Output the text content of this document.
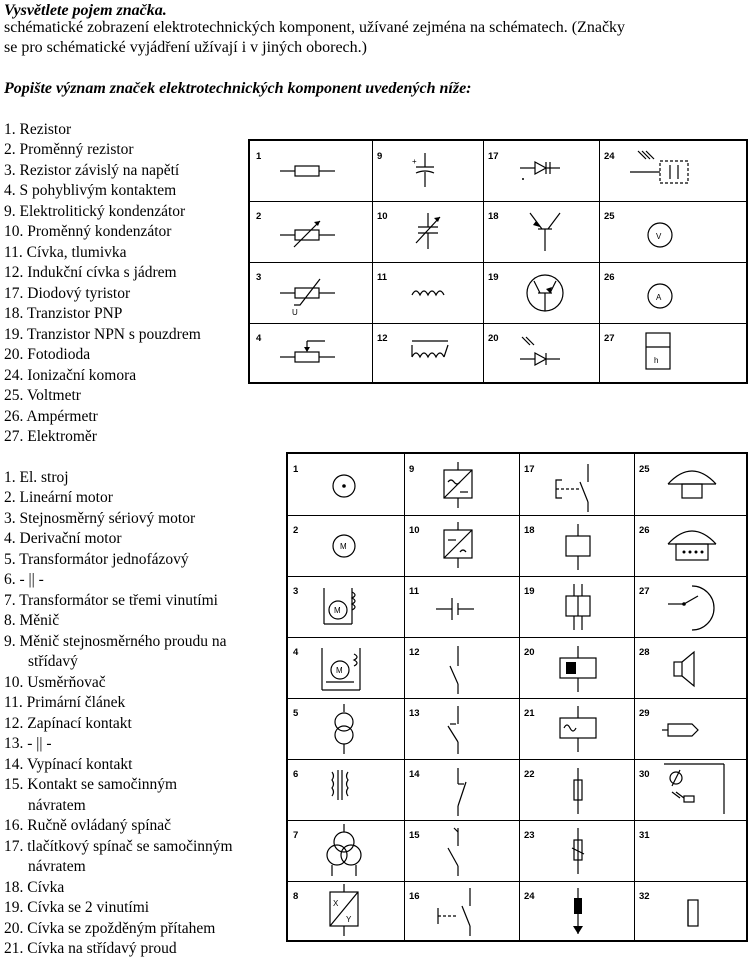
Vysvětlete pojem značka.
schématické zobrazení elektrotechnických komponent, užívané zejména na schématech. (Značky
se pro schématické vyjádření užívají i v jiných oborech.)
Popište význam značek elektrotechnických komponent uvedených níže:
1. Rezistor
2. Proměnný rezistor
3. Rezistor závislý na napětí
4. S pohyblivým kontaktem
9. Elektrolitický kondenzátor
10. Proměnný kondenzátor
11. Cívka, tlumivka
12. Indukční cívka s jádrem
17. Diodový tyristor
18. Tranzistor PNP
19. Tranzistor NPN s pouzdrem
20. Fotodioda
24. Ionizační komora
25. Voltmetr
26. Ampérmetr
27. Elektroměr
1. El. stroj
2. Lineární motor
3. Stejnosměrný sériový motor
4. Derivační motor
5. Transformátor jednofázový
6. - || -
7. Transformátor se třemi vinutími
8. Měnič
9. Měnič stejnosměrného proudu na
střídavý
10. Usměrňovač
11. Primární článek
12. Zapínací kontakt
13. - || -
14. Vypínací kontakt
15. Kontakt se samočinným
návratem
16. Ručně ovládaný spínač
17. tlačítkový spínač se samočinným
návratem
18. Cívka
19. Cívka se 2 vinutími
20. Cívka se zpožděným přítahem
21. Cívka na střídavý proud
1	9	17	24
2	10	18	25
3	11	19	26
4	12	20	27
+
V
U
A
h
1	9	17	25
2	10	18	26
3	11	19	27
4	12	20	28
5	13	21	29
6	14	22	30
7	15	23	31
8	16	24	32
M
M
M
X
Y
